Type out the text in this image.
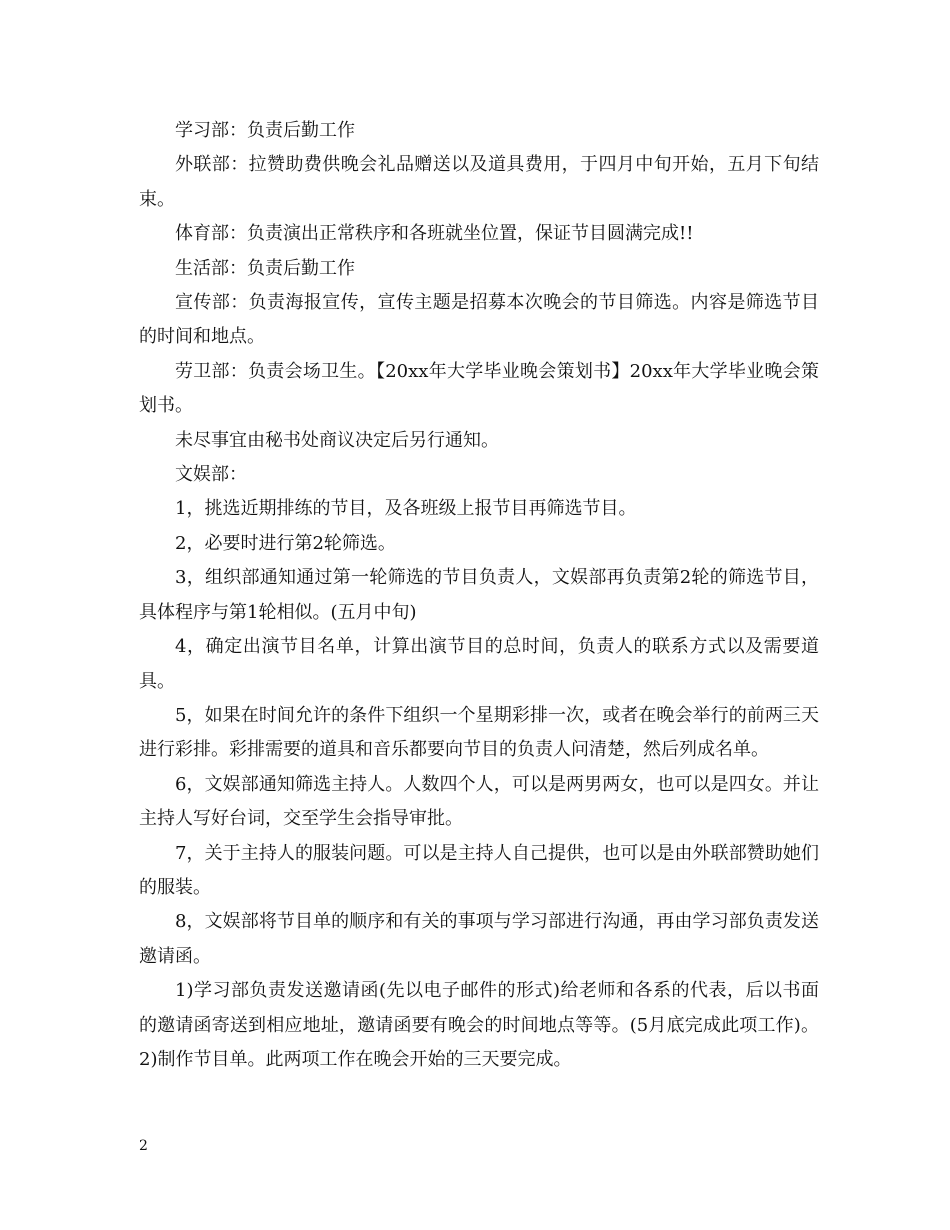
学习部：负责后勤工作

外联部：拉赞助费供晚会礼品赠送以及道具费用，于四月中旬开始，五月下旬结束。

体育部：负责演出正常秩序和各班就坐位置，保证节目圆满完成!!

生活部：负责后勤工作

宣传部：负责海报宣传，宣传主题是招募本次晚会的节目筛选。内容是筛选节目的时间和地点。

劳卫部：负责会场卫生。【20xx年大学毕业晚会策划书】20xx年大学毕业晚会策划书。

未尽事宜由秘书处商议决定后另行通知。

文娱部：

1，挑选近期排练的节目，及各班级上报节目再筛选节目。

2，必要时进行第2轮筛选。

3，组织部通知通过第一轮筛选的节目负责人，文娱部再负责第2轮的筛选节目，具体程序与第1轮相似。(五月中旬)

4，确定出演节目名单，计算出演节目的总时间，负责人的联系方式以及需要道具。

5，如果在时间允许的条件下组织一个星期彩排一次，或者在晚会举行的前两三天进行彩排。彩排需要的道具和音乐都要向节目的负责人问清楚，然后列成名单。

6，文娱部通知筛选主持人。人数四个人，可以是两男两女，也可以是四女。并让主持人写好台词，交至学生会指导审批。

7，关于主持人的服装问题。可以是主持人自己提供，也可以是由外联部赞助她们的服装。

8，文娱部将节目单的顺序和有关的事项与学习部进行沟通，再由学习部负责发送邀请函。

1)学习部负责发送邀请函(先以电子邮件的形式)给老师和各系的代表，后以书面的邀请函寄送到相应地址，邀请函要有晚会的时间地点等等。(5月底完成此项工作)。 2)制作节目单。此两项工作在晚会开始的三天要完成。

2
